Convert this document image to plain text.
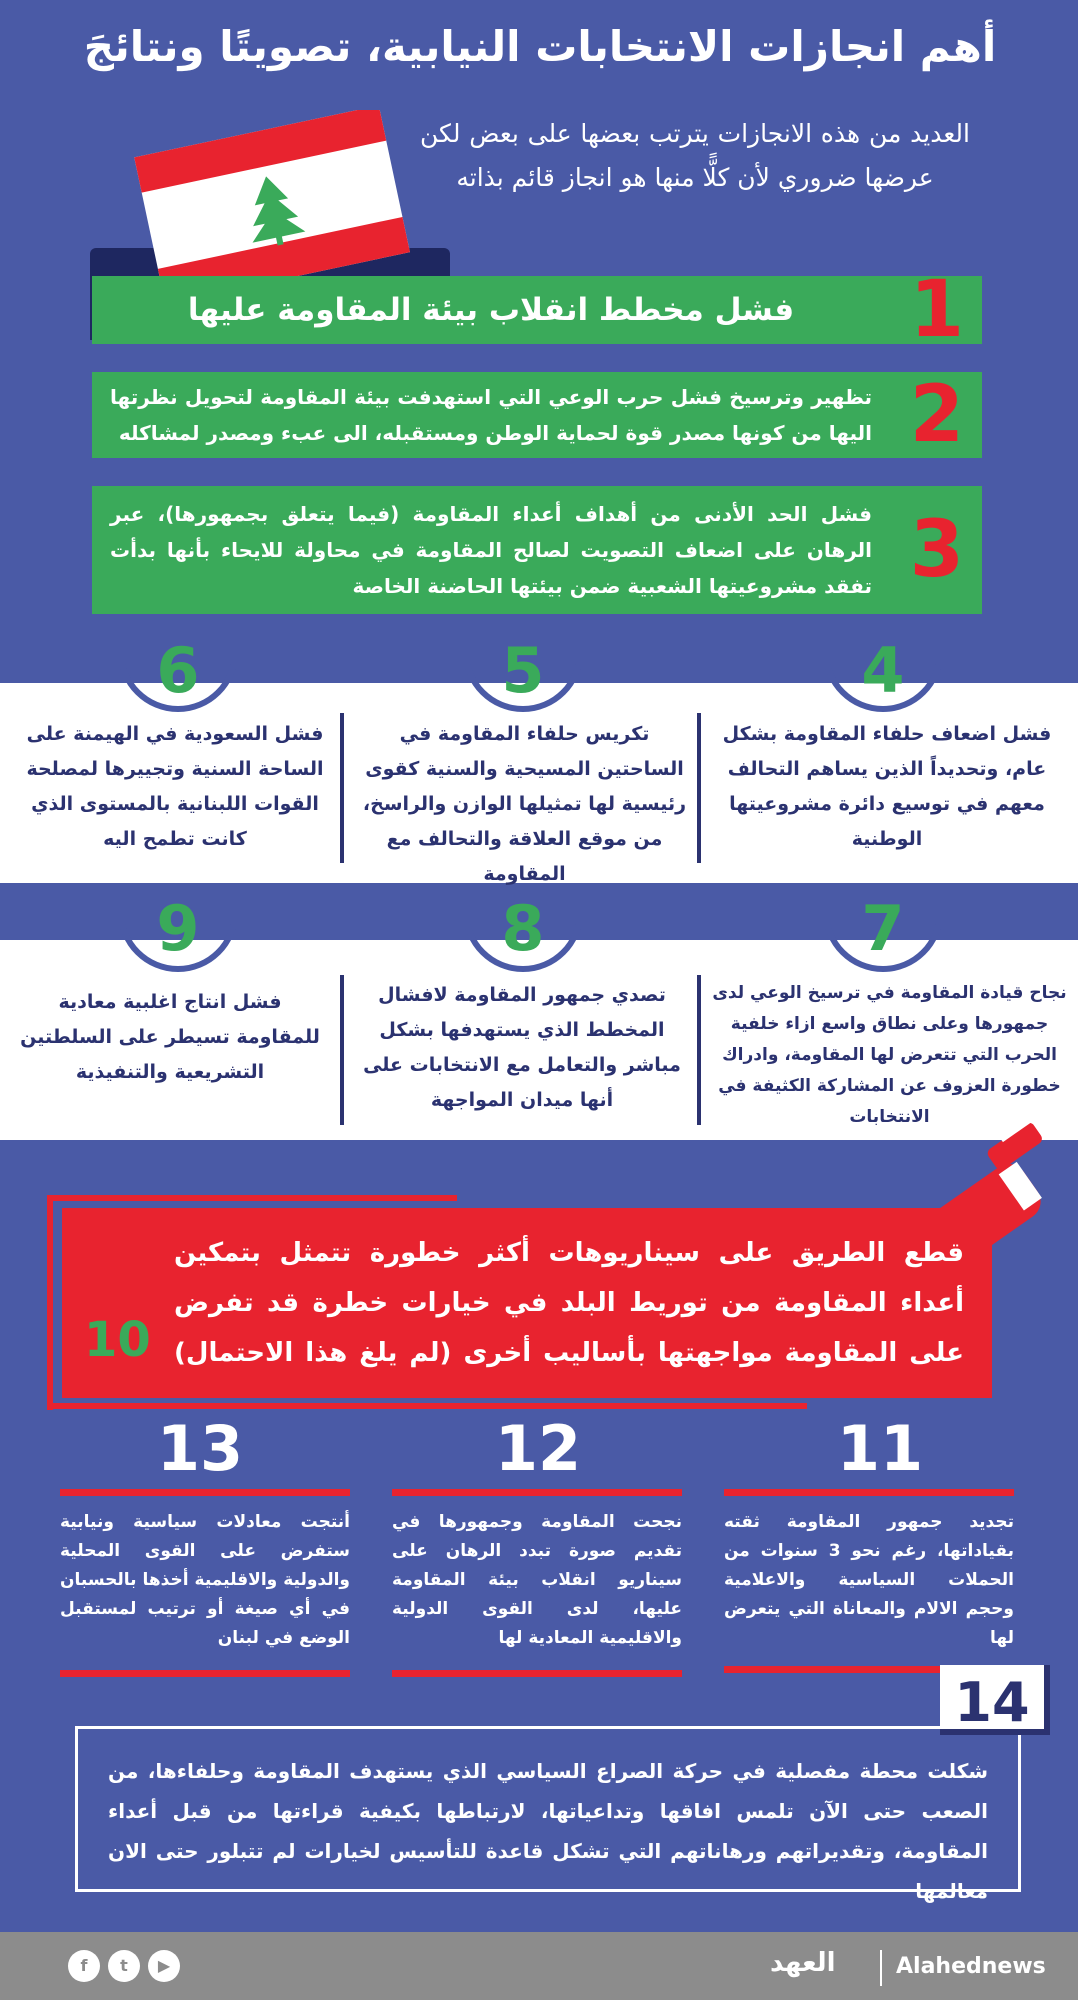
أهم انجازات الانتخابات النيابية، تصويتًا ونتائجَ
العديد من هذه الانجازات يترتب بعضها على بعض لكن عرضها ضروري لأن كلًّا منها هو انجاز قائم بذاته
1
فشل مخطط انقلاب بيئة المقاومة عليها
2
تظهير وترسيخ فشل حرب الوعي التي استهدفت بيئة المقاومة لتحويل نظرتها اليها من كونها مصدر قوة لحماية الوطن ومستقبله، الى عبء ومصدر لمشاكله
3
فشل الحد الأدنى من أهداف أعداء المقاومة (فيما يتعلق بجمهورها)، عبر الرهان على اضعاف التصويت لصالح المقاومة في محاولة للايحاء بأنها بدأت تفقد مشروعيتها الشعبية ضمن بيئتها الحاضنة الخاصة
4
5
6
فشل اضعاف حلفاء المقاومة بشكل عام، وتحديداً الذين يساهم التحالف معهم في توسيع دائرة مشروعيتها الوطنية
تكريس حلفاء المقاومة في الساحتين المسيحية والسنية كقوى رئيسية لها تمثيلها الوازن والراسخ، من موقع العلاقة والتحالف مع المقاومة
فشل السعودية في الهيمنة على الساحة السنية وتجييرها لمصلحة القوات اللبنانية بالمستوى الذي كانت تطمح اليه
7
8
9
نجاح قيادة المقاومة في ترسيخ الوعي لدى جمهورها وعلى نطاق واسع ازاء خلفية الحرب التي تتعرض لها المقاومة، وادراك خطورة العزوف عن المشاركة الكثيفة في الانتخابات
تصدي جمهور المقاومة لافشال المخطط الذي يستهدفها بشكل مباشر والتعامل مع الانتخابات على أنها ميدان المواجهة
فشل انتاج اغلبية معادية للمقاومة تسيطر على السلطتين التشريعية والتنفيذية
قطع الطريق على سيناريوهات أكثر خطورة تتمثل بتمكين أعداء المقاومة من توريط البلد في خيارات خطرة قد تفرض على المقاومة مواجهتها بأساليب أخرى (لم يلغ هذا الاحتمال)
10
11
12
13
تجديد جمهور المقاومة ثقته بقياداتها، رغم نحو 3 سنوات من الحملات السياسية والاعلامية وحجم الالام والمعاناة التي يتعرض لها
نجحت المقاومة وجمهورها في تقديم صورة تبدد الرهان على سيناريو انقلاب بيئة المقاومة عليها، لدى القوى الدولية والاقليمية المعادية لها
أنتجت معادلات سياسية ونيابية ستفرض على القوى المحلية والدولية والاقليمية أخذها بالحسبان في أي صيغة أو ترتيب لمستقبل الوضع في لبنان
شكلت محطة مفصلية في حركة الصراع السياسي الذي يستهدف المقاومة وحلفاءها، من الصعب حتى الآن تلمس افاقها وتداعياتها، لارتباطها بكيفية قراءتها من قبل أعداء المقاومة، وتقديراتهم ورهاناتهم التي تشكل قاعدة للتأسيس لخيارات لم تتبلور حتى الان معالمها
14
f	t	▶	العهد	Alahednews
